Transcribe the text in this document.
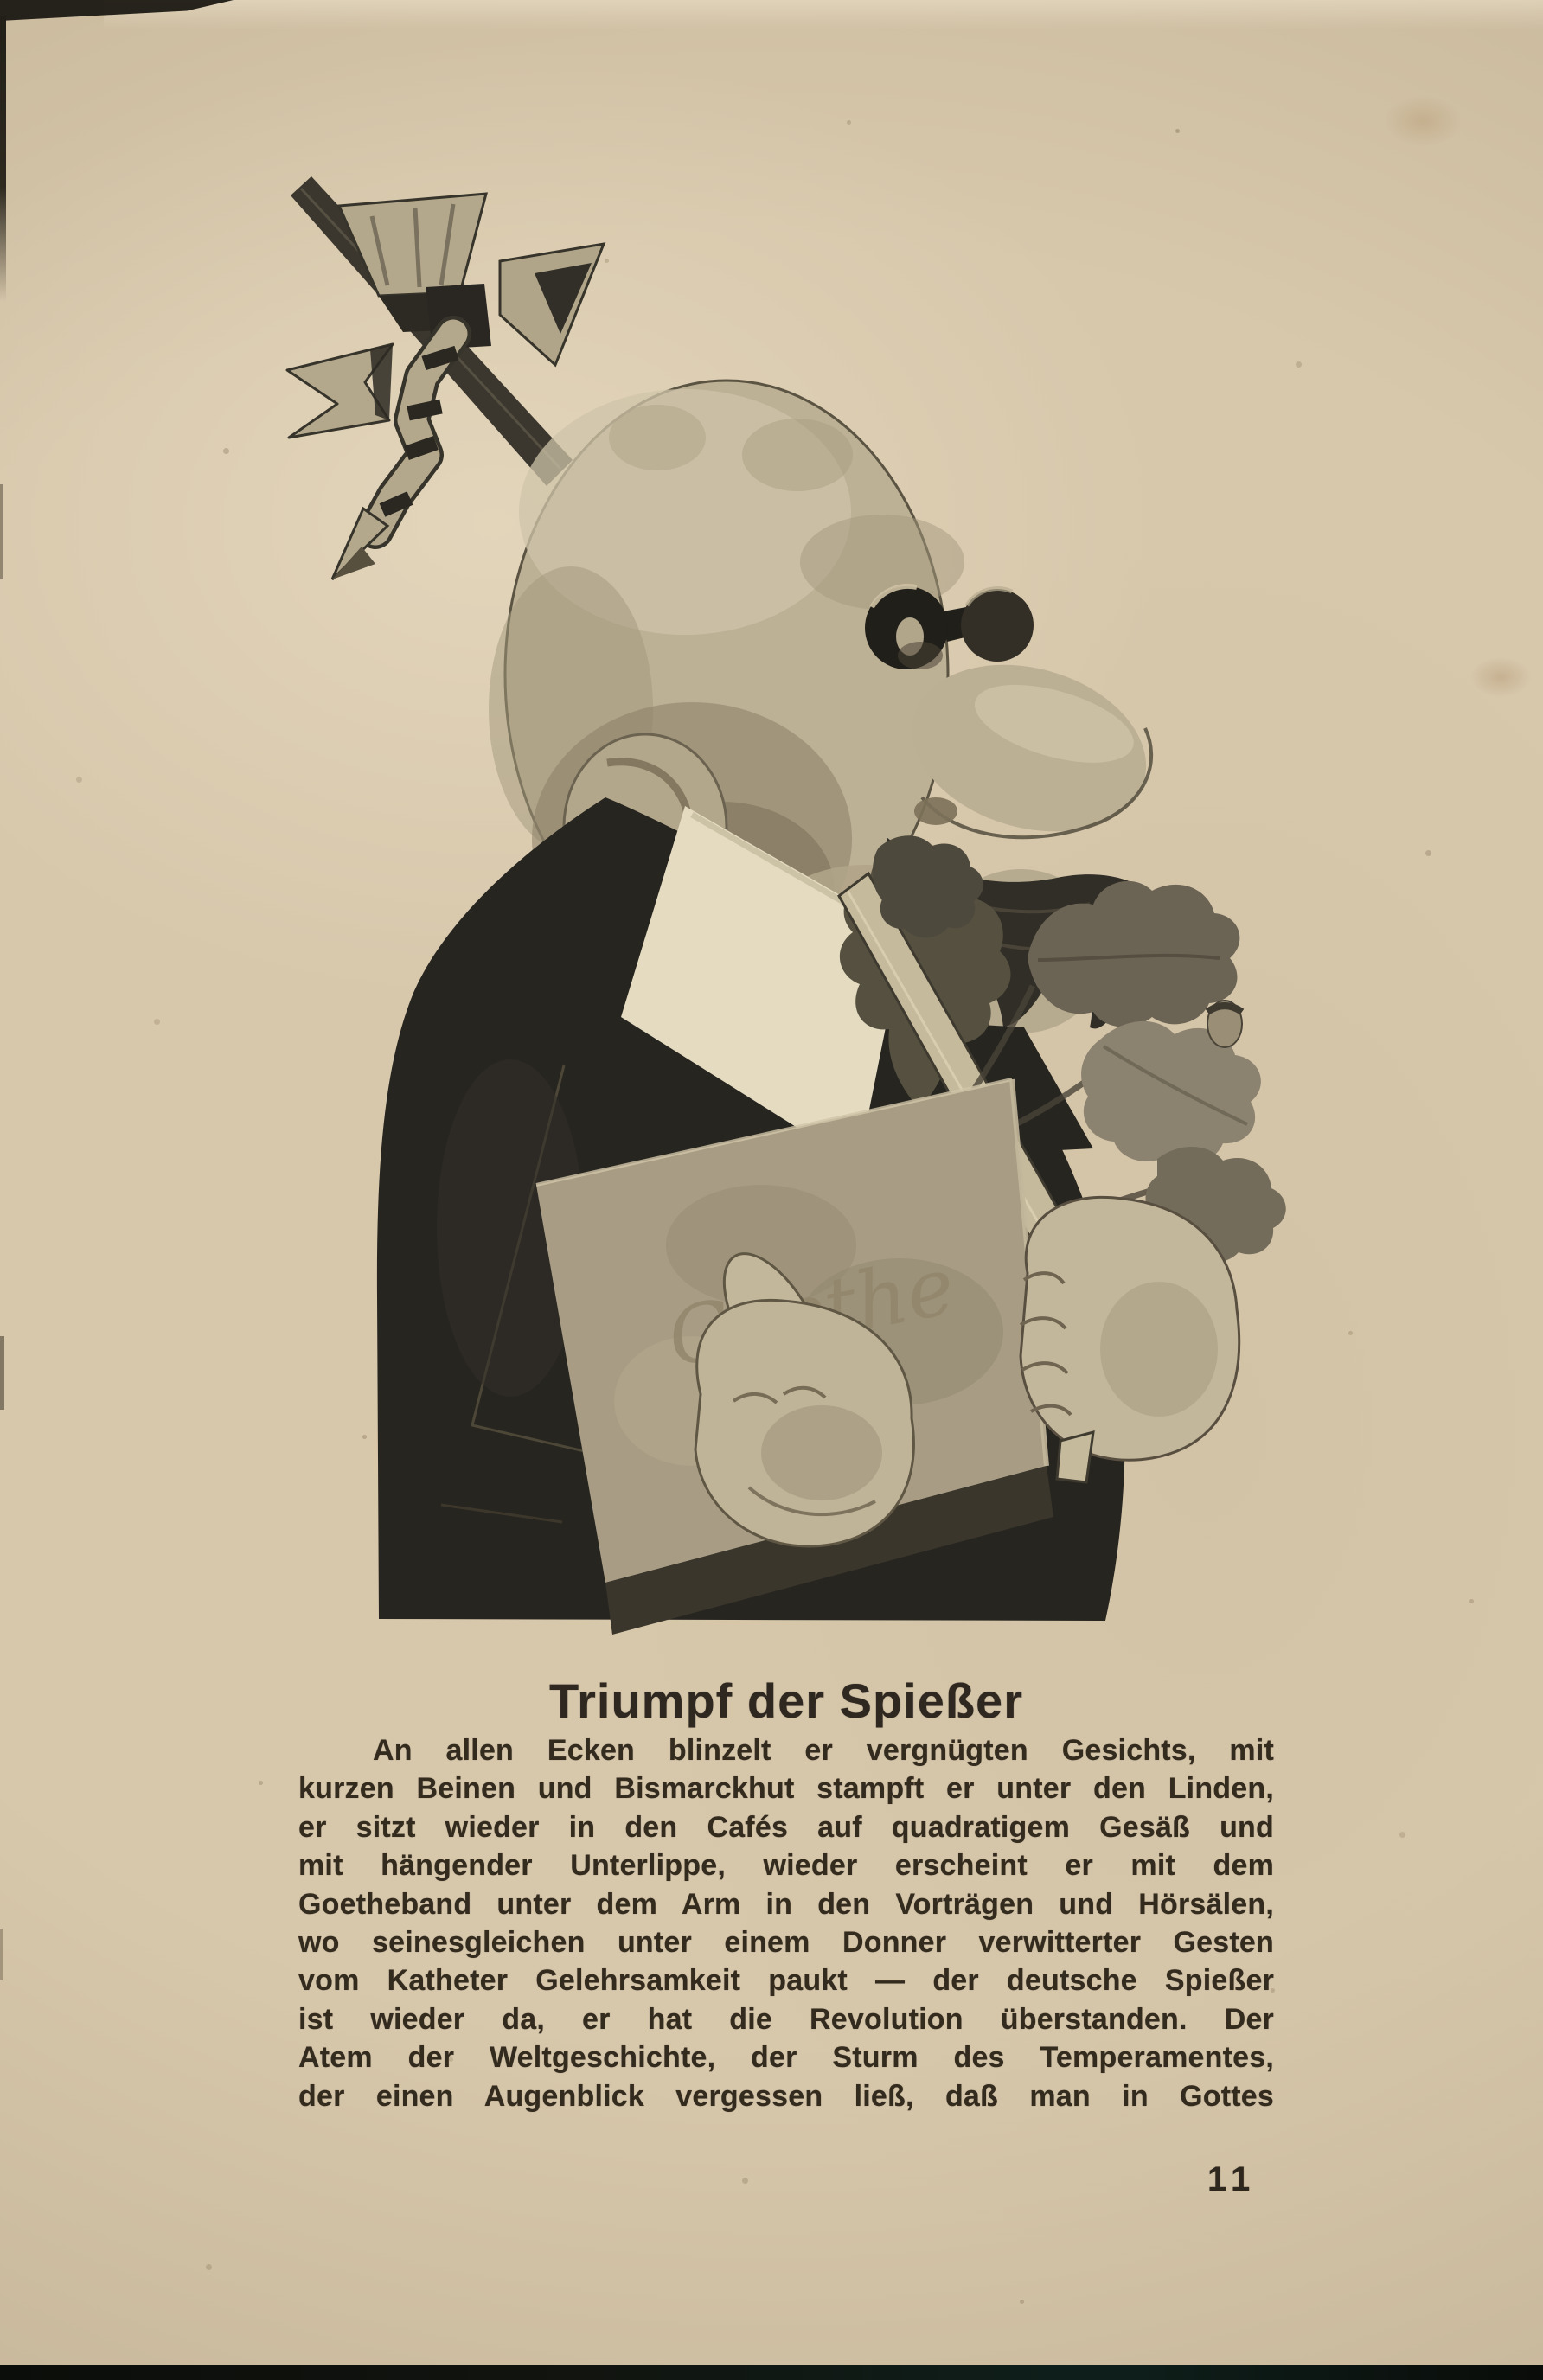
Triumpf der Spießer
An allen Ecken blinzelt er vergnügten Gesichts, mit
kurzen Beinen und Bismarckhut stampft er unter den Linden,
er sitzt wieder in den Cafés auf quadratigem Gesäß und
mit hängender Unterlippe, wieder erscheint er mit dem
Goetheband unter dem Arm in den Vorträgen und Hörsälen,
wo seinesgleichen unter einem Donner verwitterter Gesten
vom Katheter Gelehrsamkeit paukt — der deutsche Spießer
ist wieder da, er hat die Revolution überstanden. Der
Atem der Weltgeschichte, der Sturm des Temperamentes,
der einen Augenblick vergessen ließ, daß man in Gottes
11
